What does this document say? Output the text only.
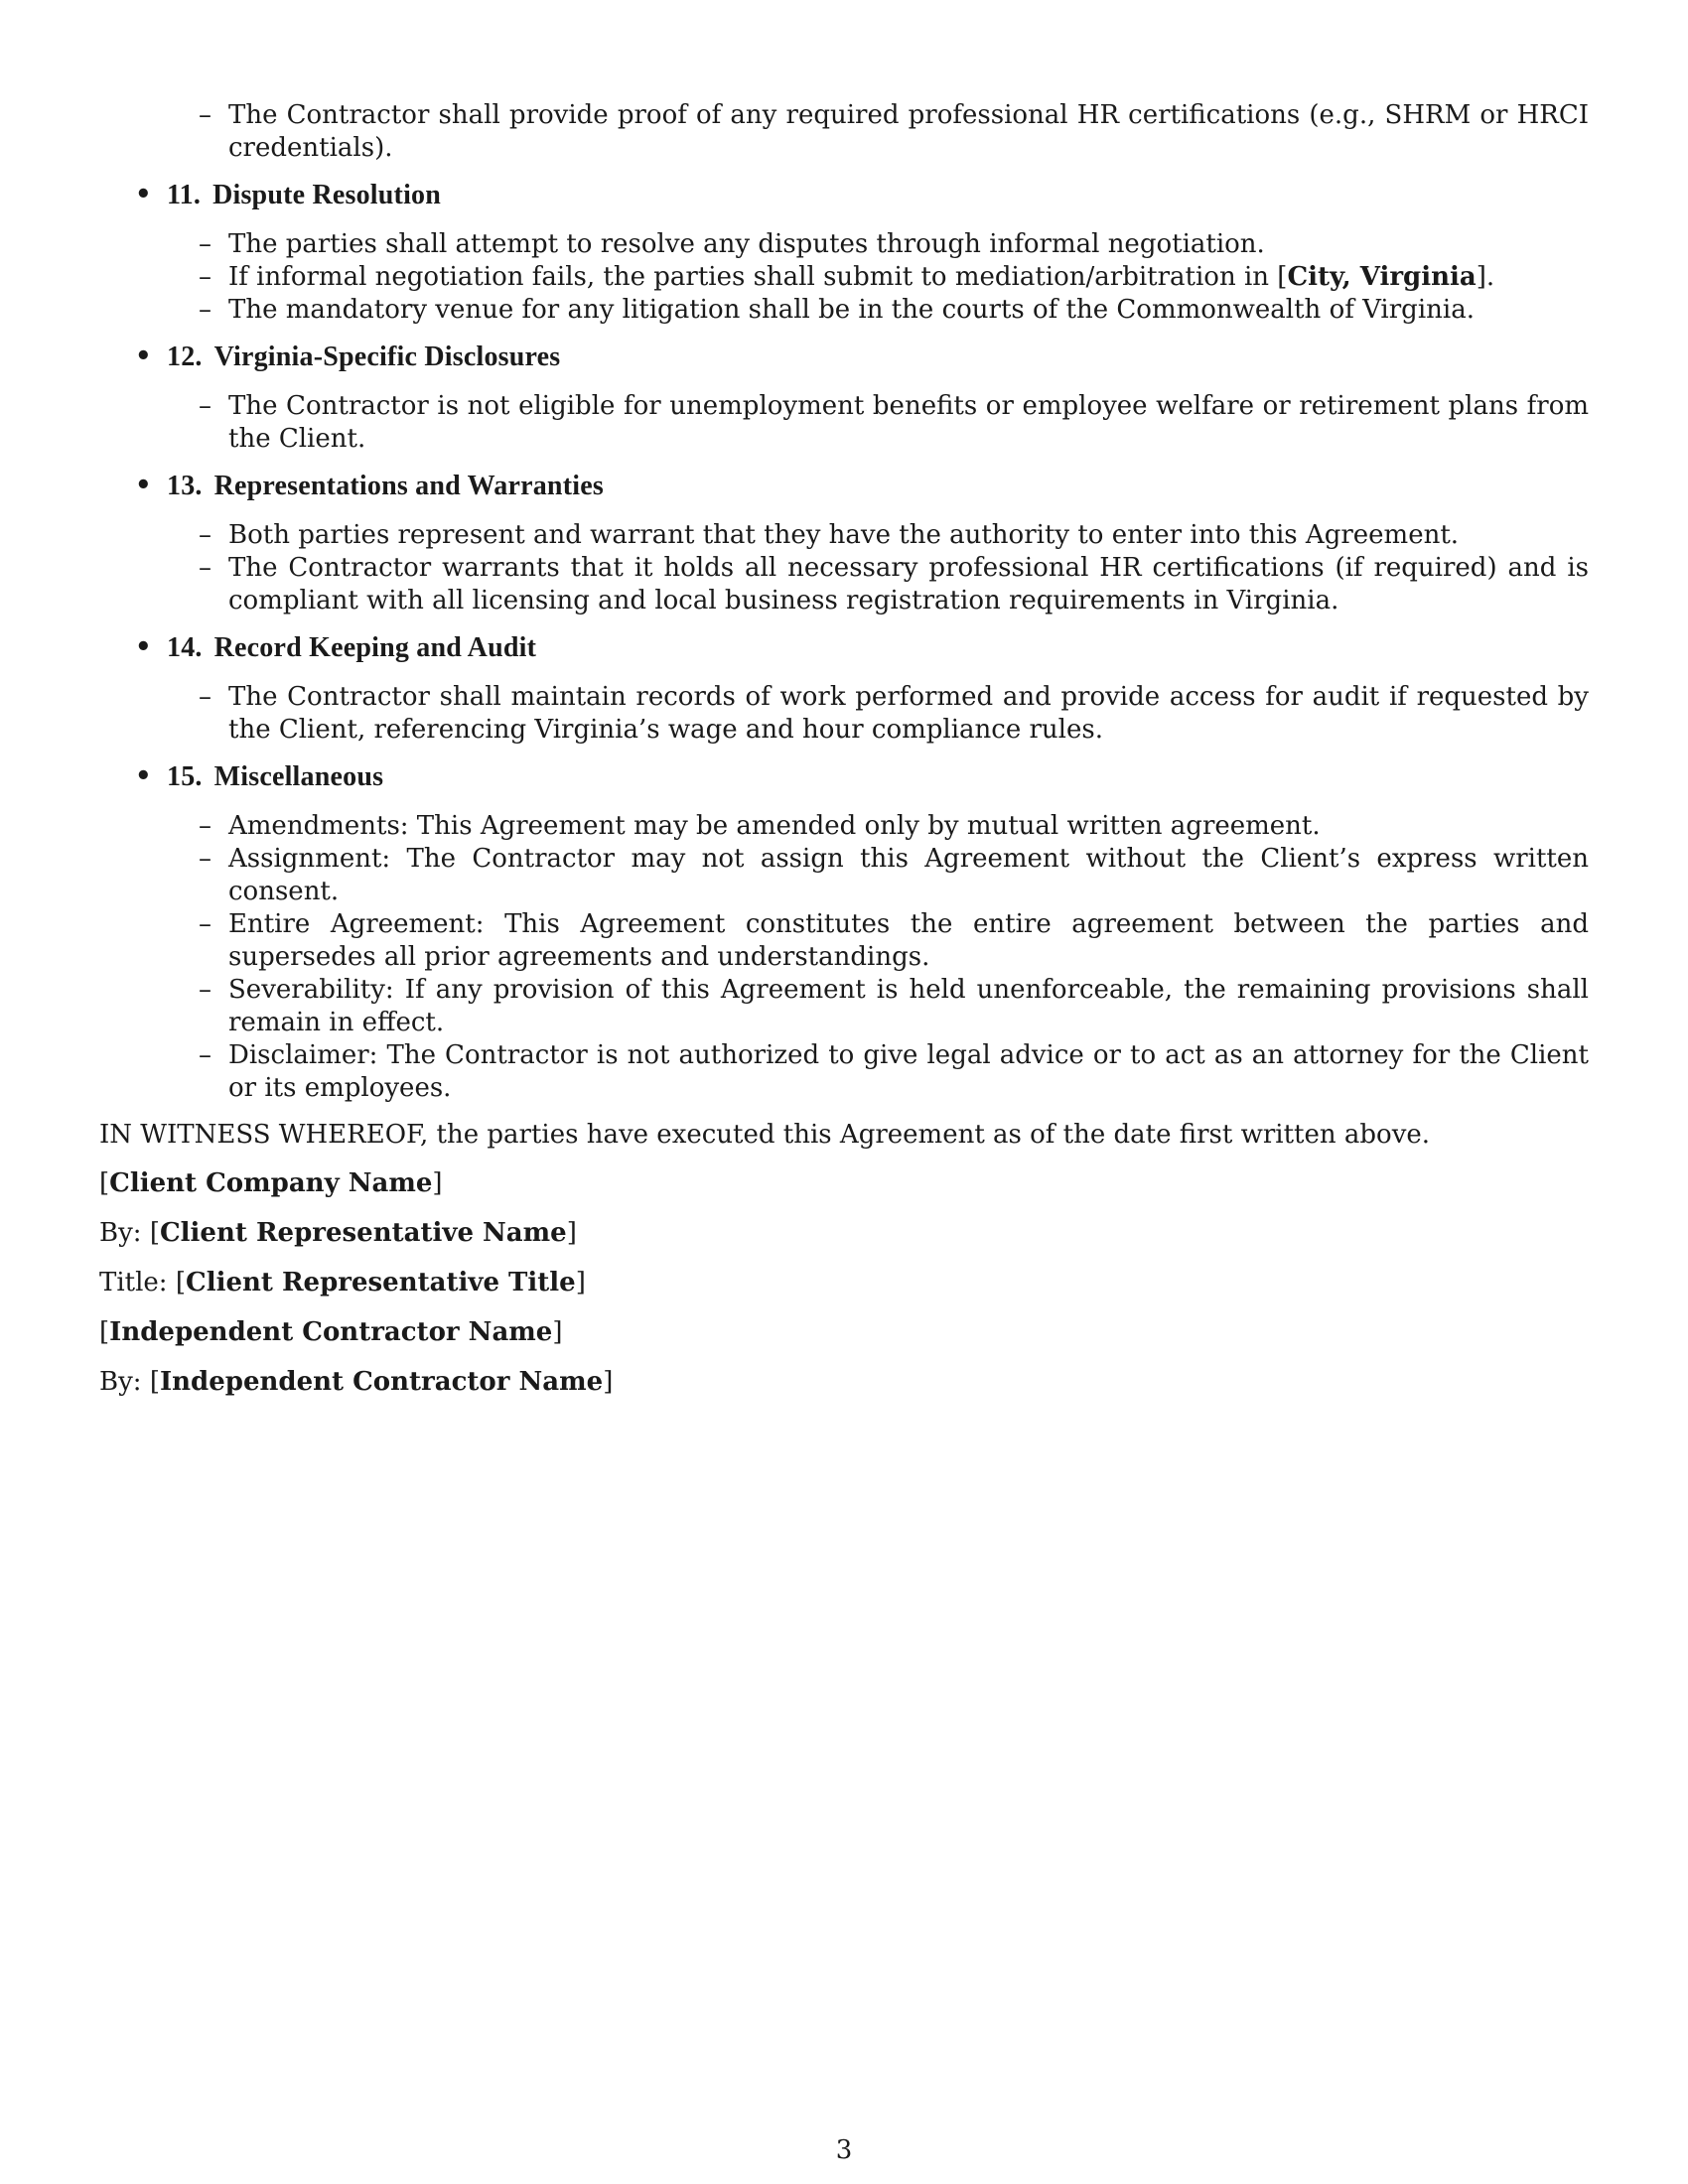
– The Contractor shall provide proof of any required professional HR certifications (e.g., SHRM or HRCI credentials).
• 11. Dispute Resolution
– The parties shall attempt to resolve any disputes through informal negotiation.
– If informal negotiation fails, the parties shall submit to mediation/arbitration in [City, Virginia].
– The mandatory venue for any litigation shall be in the courts of the Commonwealth of Virginia.
• 12. Virginia-Specific Disclosures
– The Contractor is not eligible for unemployment benefits or employee welfare or retirement plans from the Client.
• 13. Representations and Warranties
– Both parties represent and warrant that they have the authority to enter into this Agreement.
– The Contractor warrants that it holds all necessary professional HR certifications (if required) and is compliant with all licensing and local business registration requirements in Virginia.
• 14. Record Keeping and Audit
– The Contractor shall maintain records of work performed and provide access for audit if requested by the Client, referencing Virginia’s wage and hour compliance rules.
• 15. Miscellaneous
– Amendments: This Agreement may be amended only by mutual written agreement.
– Assignment: The Contractor may not assign this Agreement without the Client’s express written consent.
– Entire Agreement: This Agreement constitutes the entire agreement between the parties and supersedes all prior agreements and understandings.
– Severability: If any provision of this Agreement is held unenforceable, the remaining provisions shall remain in effect.
– Disclaimer: The Contractor is not authorized to give legal advice or to act as an attorney for the Client or its employees.

IN WITNESS WHEREOF, the parties have executed this Agreement as of the date first written above.

[Client Company Name]

By: [Client Representative Name]

Title: [Client Representative Title]

[Independent Contractor Name]

By: [Independent Contractor Name]

3
